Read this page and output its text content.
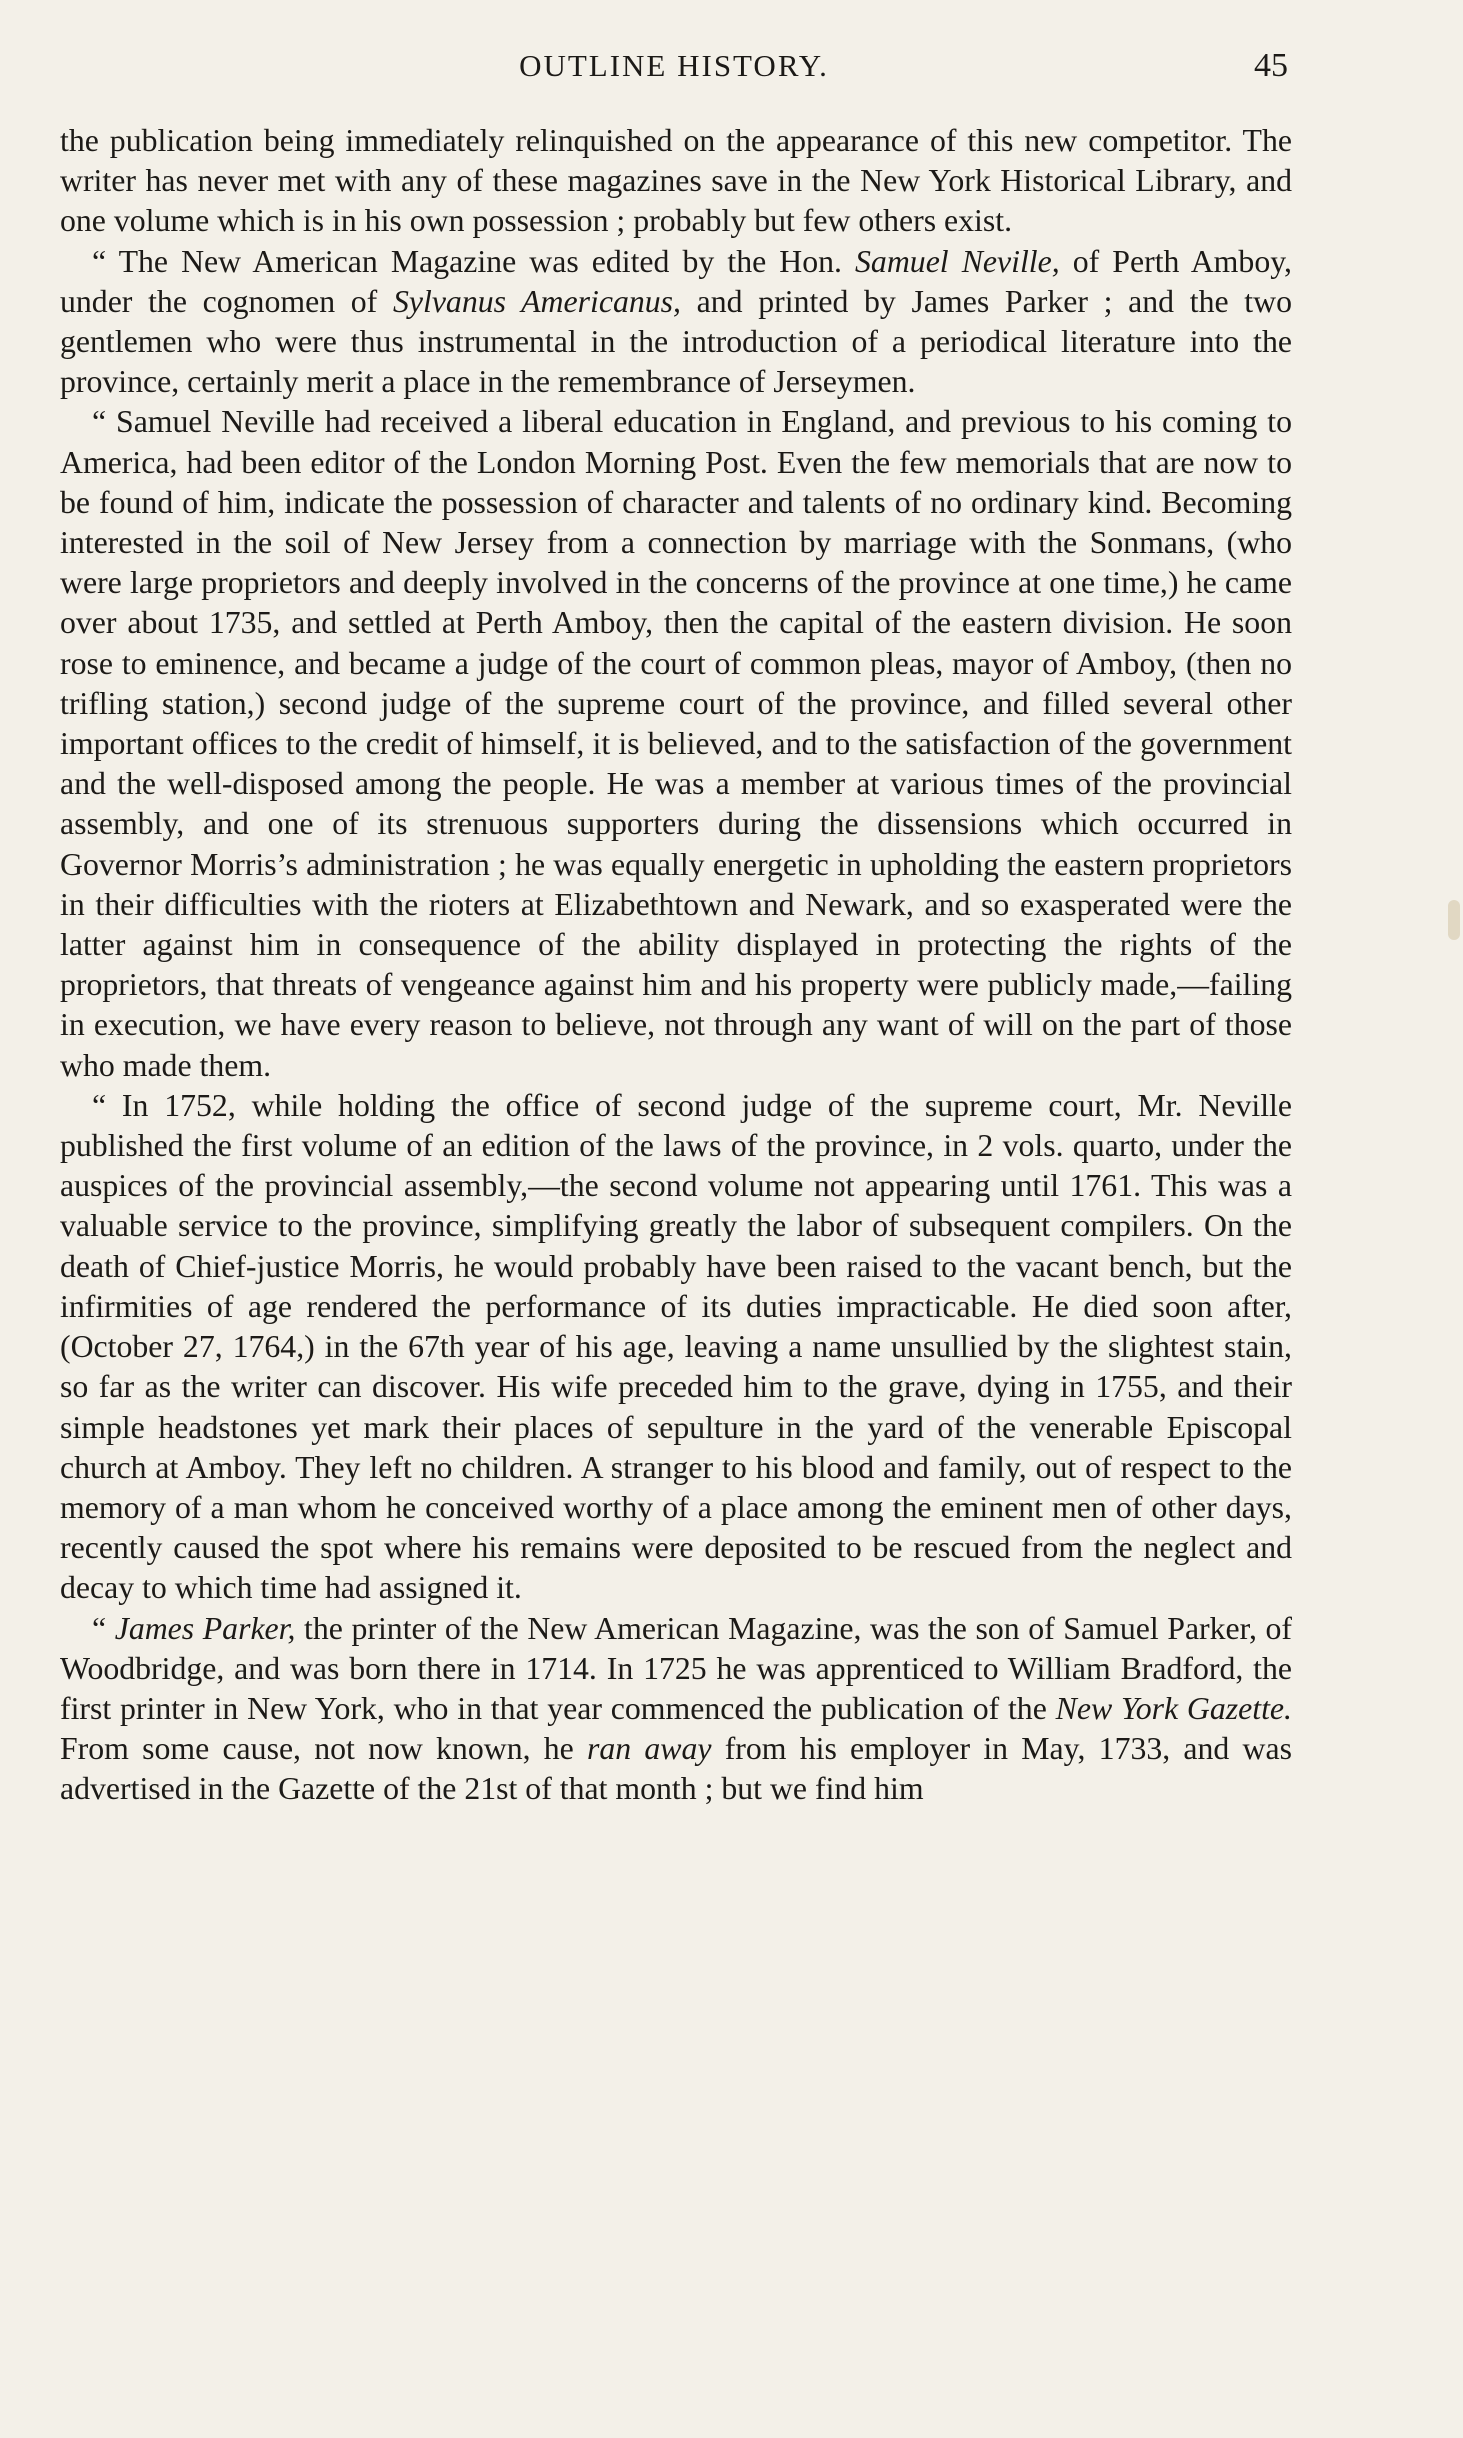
OUTLINE HISTORY.	45

the publication being immediately relinquished on the appearance of this new competitor. The writer has never met with any of these magazines save in the New York Historical Library, and one volume which is in his own possession ; probably but few others exist.

“ The New American Magazine was edited by the Hon. Samuel Neville, of Perth Amboy, under the cognomen of Sylvanus Americanus, and printed by James Parker ; and the two gentlemen who were thus instrumental in the introduction of a periodical literature into the province, certainly merit a place in the remembrance of Jerseymen.

“ Samuel Neville had received a liberal education in England, and previous to his coming to America, had been editor of the London Morning Post. Even the few memorials that are now to be found of him, indicate the possession of character and talents of no ordinary kind. Becoming interested in the soil of New Jersey from a connection by marriage with the Sonmans, (who were large proprietors and deeply involved in the concerns of the province at one time,) he came over about 1735, and settled at Perth Amboy, then the capital of the eastern division. He soon rose to eminence, and became a judge of the court of common pleas, mayor of Amboy, (then no trifling station,) second judge of the supreme court of the province, and filled several other important offices to the credit of himself, it is believed, and to the satisfaction of the government and the well-disposed among the people. He was a member at various times of the provincial assembly, and one of its strenuous supporters during the dissensions which occurred in Governor Morris’s administration ; he was equally energetic in upholding the eastern proprietors in their difficulties with the rioters at Elizabethtown and Newark, and so exasperated were the latter against him in consequence of the ability displayed in protecting the rights of the proprietors, that threats of vengeance against him and his property were publicly made,—failing in execution, we have every reason to believe, not through any want of will on the part of those who made them.

“ In 1752, while holding the office of second judge of the supreme court, Mr. Neville published the first volume of an edition of the laws of the province, in 2 vols. quarto, under the auspices of the provincial assembly,—the second volume not appearing until 1761. This was a valuable service to the province, simplifying greatly the labor of subsequent compilers. On the death of Chief-justice Morris, he would probably have been raised to the vacant bench, but the infirmities of age rendered the performance of its duties impracticable. He died soon after, (October 27, 1764,) in the 67th year of his age, leaving a name unsullied by the slightest stain, so far as the writer can discover. His wife preceded him to the grave, dying in 1755, and their simple headstones yet mark their places of sepulture in the yard of the venerable Episcopal church at Amboy. They left no children. A stranger to his blood and family, out of respect to the memory of a man whom he conceived worthy of a place among the eminent men of other days, recently caused the spot where his remains were deposited to be rescued from the neglect and decay to which time had assigned it.

“ James Parker, the printer of the New American Magazine, was the son of Samuel Parker, of Woodbridge, and was born there in 1714. In 1725 he was apprenticed to William Bradford, the first printer in New York, who in that year commenced the publication of the New York Gazette. From some cause, not now known, he ran away from his employer in May, 1733, and was advertised in the Gazette of the 21st of that month ; but we find him
